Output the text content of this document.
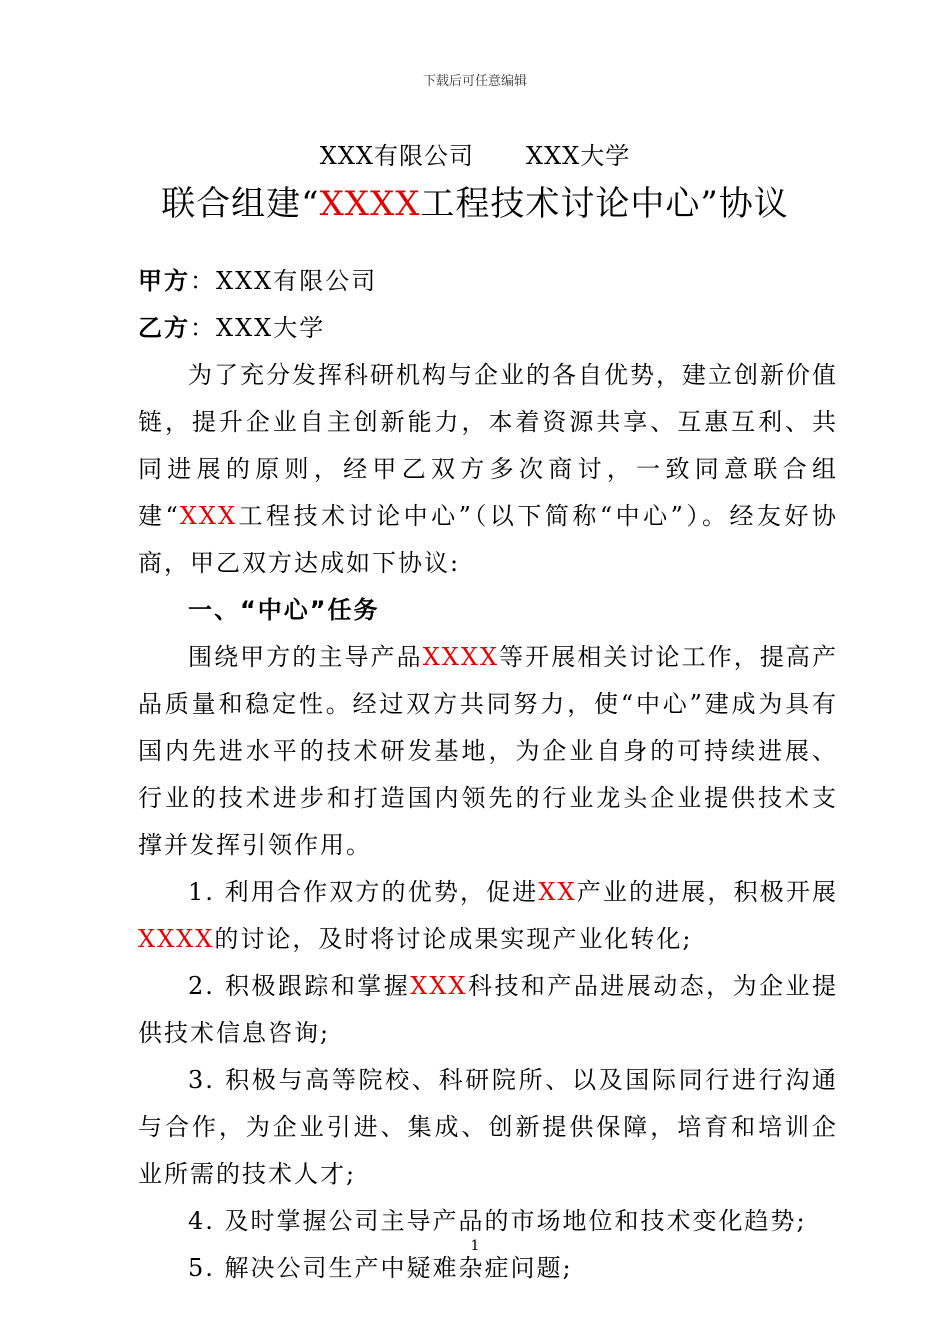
下载后可任意编辑
XXX有限公司 XXX大学
联合组建“XXXX工程技术讨论中心”协议

甲方：XXX有限公司

乙方：XXX大学

为了充分发挥科研机构与企业的各自优势，建立创新价值链，提升企业自主创新能力，本着资源共享、互惠互利、共同进展的原则，经甲乙双方多次商讨，一致同意联合组建“XXX工程技术讨论中心”（以下简称“中心”）。经友好协商，甲乙双方达成如下协议:

一、“中心”任务

围绕甲方的主导产品XXXX等开展相关讨论工作，提高产品质量和稳定性。经过双方共同努力，使“中心”建成为具有国内先进水平的技术研发基地，为企业自身的可持续进展、行业的技术进步和打造国内领先的行业龙头企业提供技术支撑并发挥引领作用。

1. 利用合作双方的优势，促进XX产业的进展，积极开展XXXX的讨论，及时将讨论成果实现产业化转化;

2. 积极跟踪和掌握XXX科技和产品进展动态，为企业提供技术信息咨询;

3. 积极与高等院校、科研院所、以及国际同行进行沟通与合作，为企业引进、集成、创新提供保障，培育和培训企业所需的技术人才;

4. 及时掌握公司主导产品的市场地位和技术变化趋势;

5. 解决公司生产中疑难杂症问题;

1
